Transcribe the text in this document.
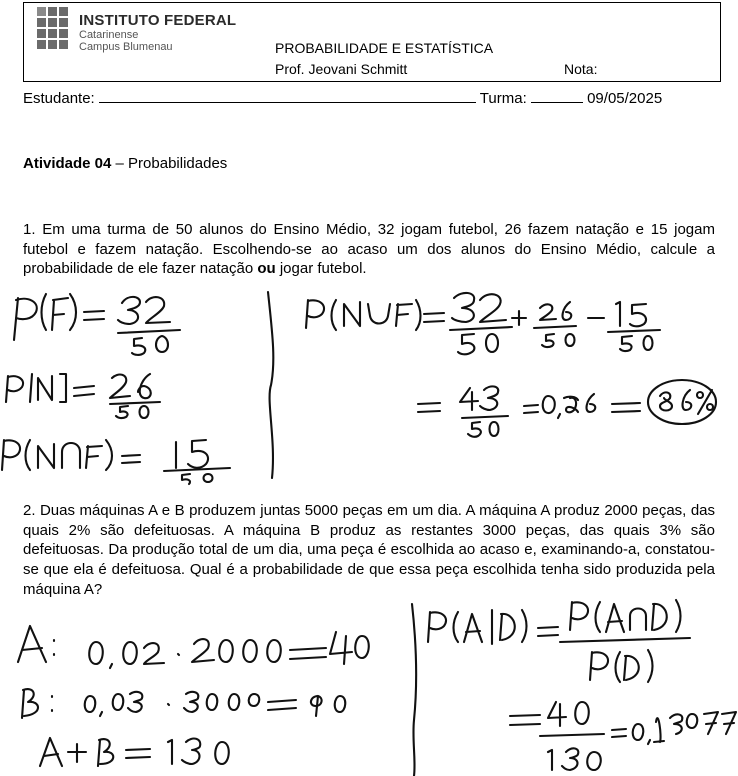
INSTITUTO FEDERAL
Catarinense
Campus Blumenau	PROBABILIDADE E ESTATÍSTICA
Prof. Jeovani Schmitt	Nota:
Estudante:	Turma:	09/05/2025
Atividade 04 – Probabilidades
1. Em uma turma de 50 alunos do Ensino Médio, 32 jogam futebol, 26 fazem natação e 15 jogam futebol e fazem natação. Escolhendo-se ao acaso um dos alunos do Ensino Médio, calcule a probabilidade de ele fazer natação ou jogar futebol.
2. Duas máquinas A e B produzem juntas 5000 peças em um dia. A máquina A produz 2000 peças, das quais 2% são defeituosas. A máquina B produz as restantes 3000 peças, das quais 3% são defeituosas. Da produção total de um dia, uma peça é escolhida ao acaso e, examinando-a, constatou-se que ela é defeituosa. Qual é a probabilidade de que essa peça escolhida tenha sido produzida pela máquina A?
